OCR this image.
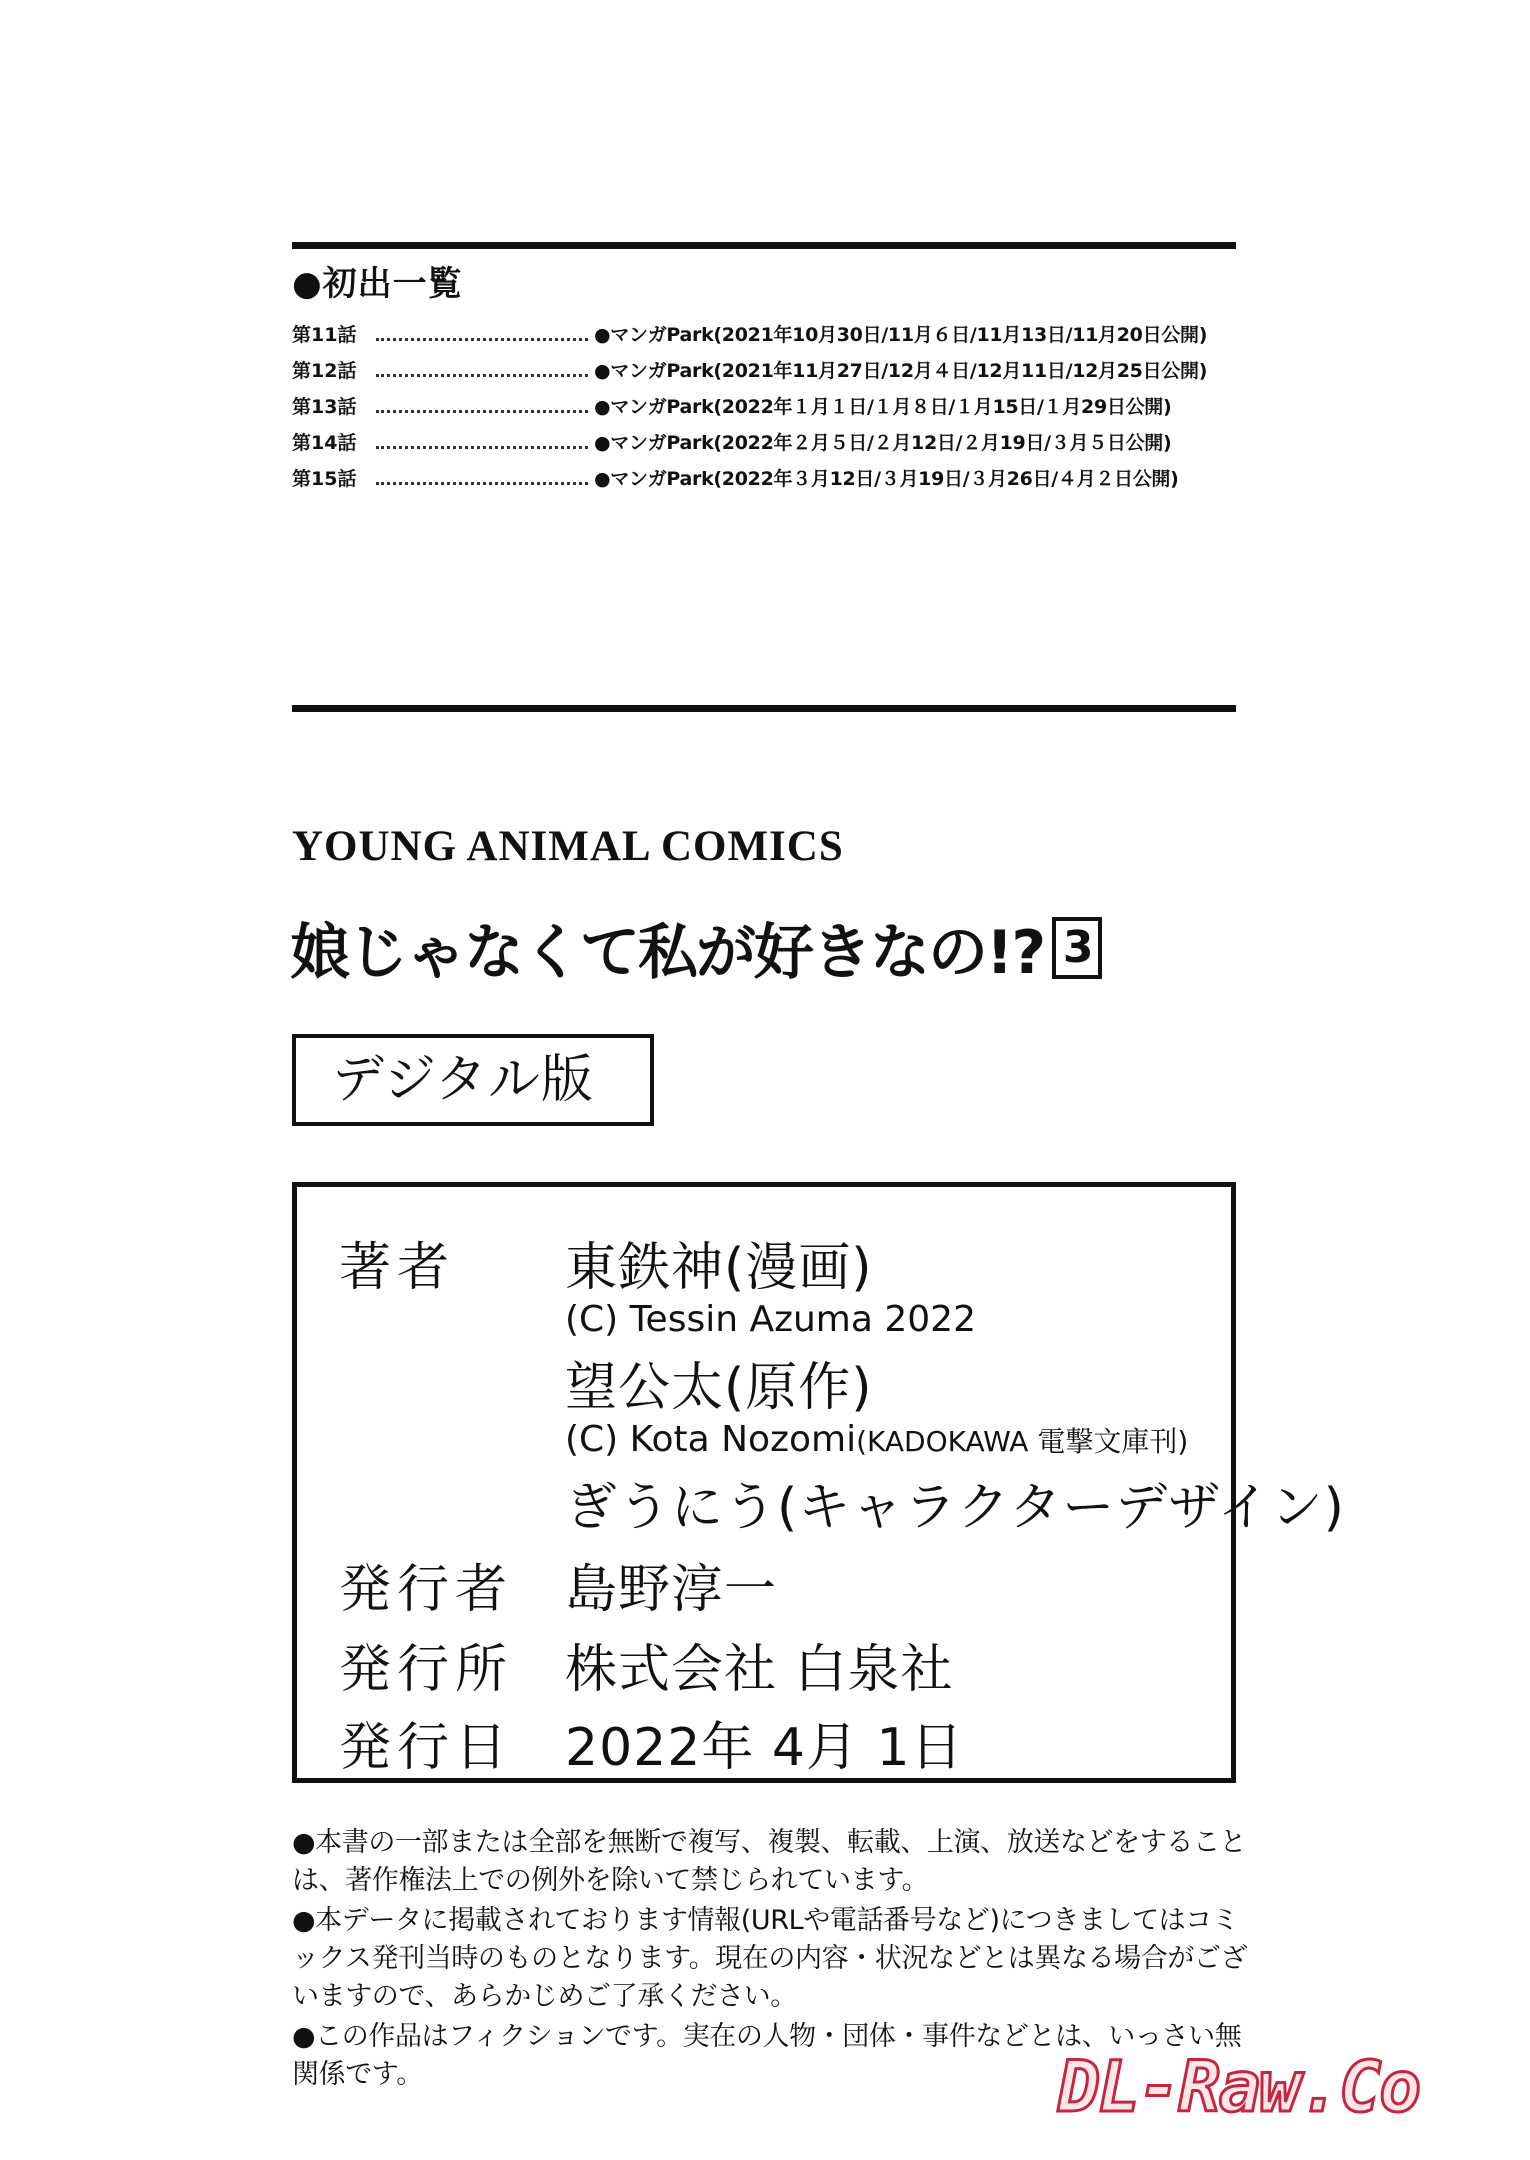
●初出一覧
第11話	●マンガPark(2021年10月30日/11月６日/11月13日/11月20日公開)
第12話	●マンガPark(2021年11月27日/12月４日/12月11日/12月25日公開)
第13話	●マンガPark(2022年１月１日/１月８日/１月15日/１月29日公開)
第14話	●マンガPark(2022年２月５日/２月12日/２月19日/３月５日公開)
第15話	●マンガPark(2022年３月12日/３月19日/３月26日/４月２日公開)
YOUNG ANIMAL COMICS
娘じゃなくて私が好きなの!? 3
デジタル版
著者 東鉄神(漫画)
(C) Tessin Azuma 2022
望公太(原作)
(C) Kota Nozomi(KADOKAWA 電撃文庫刊)
ぎうにう(キャラクターデザイン)
発行者 島野淳一
発行所 株式会社 白泉社
発行日 2022年 4月 1日

●本書の一部または全部を無断で複写、複製、転載、上演、放送などをすることは、著作権法上での例外を除いて禁じられています。

●本データに掲載されております情報(URLや電話番号など)につきましてはコミックス発刊当時のものとなります。現在の内容・状況などとは異なる場合がございますので、あらかじめご了承ください。

●この作品はフィクションです。実在の人物・団体・事件などとは、いっさい無関係です。	DL-Raw.Co
